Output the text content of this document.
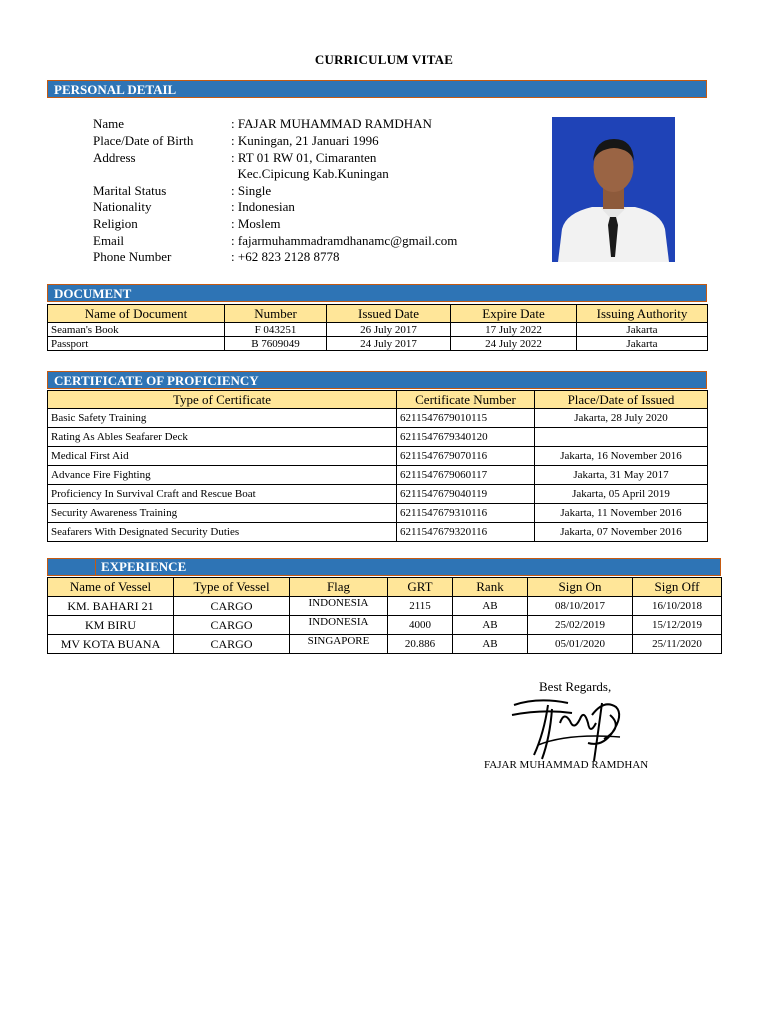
CURRICULUM VITAE
PERSONAL DETAIL
Name	: FAJAR MUHAMMAD RAMDHAN
Place/Date of Birth	: Kuningan, 21 Januari 1996
Address	: RT 01 RW 01, Cimaranten
Kec.Cipicung Kab.Kuningan
Marital Status	: Single
Nationality	: Indonesian
Religion	: Moslem
Email	: fajarmuhammadramdhanamc@gmail.com
Phone Number	: +62 823 2128 8778
DOCUMENT
Name of Document	Number	Issued Date	Expire Date	Issuing Authority
Seaman's Book	F 043251	26 July 2017	17 July 2022	Jakarta
Passport	B 7609049	24 July 2017	24 July 2022	Jakarta
CERTIFICATE OF PROFICIENCY
Type of Certificate	Certificate Number	Place/Date of Issued
Basic Safety Training	6211547679010115	Jakarta, 28 July 2020
Rating As Ables Seafarer Deck	6211547679340120	
Medical First Aid	6211547679070116	Jakarta, 16 November 2016
Advance Fire Fighting	6211547679060117	Jakarta, 31 May 2017
Proficiency In Survival Craft and Rescue Boat	6211547679040119	Jakarta, 05 April 2019
Security Awareness Training	6211547679310116	Jakarta, 11 November 2016
Seafarers With Designated Security Duties	6211547679320116	Jakarta, 07 November 2016
EXPERIENCE
Name of Vessel	Type of Vessel	Flag	GRT	Rank	Sign On	Sign Off
KM. BAHARI 21	CARGO	INDONESIA	2115	AB	08/10/2017	16/10/2018
KM BIRU	CARGO	INDONESIA	4000	AB	25/02/2019	15/12/2019
MV KOTA BUANA	CARGO	SINGAPORE	20.886	AB	05/01/2020	25/11/2020
Best Regards,
FAJAR MUHAMMAD RAMDHAN
